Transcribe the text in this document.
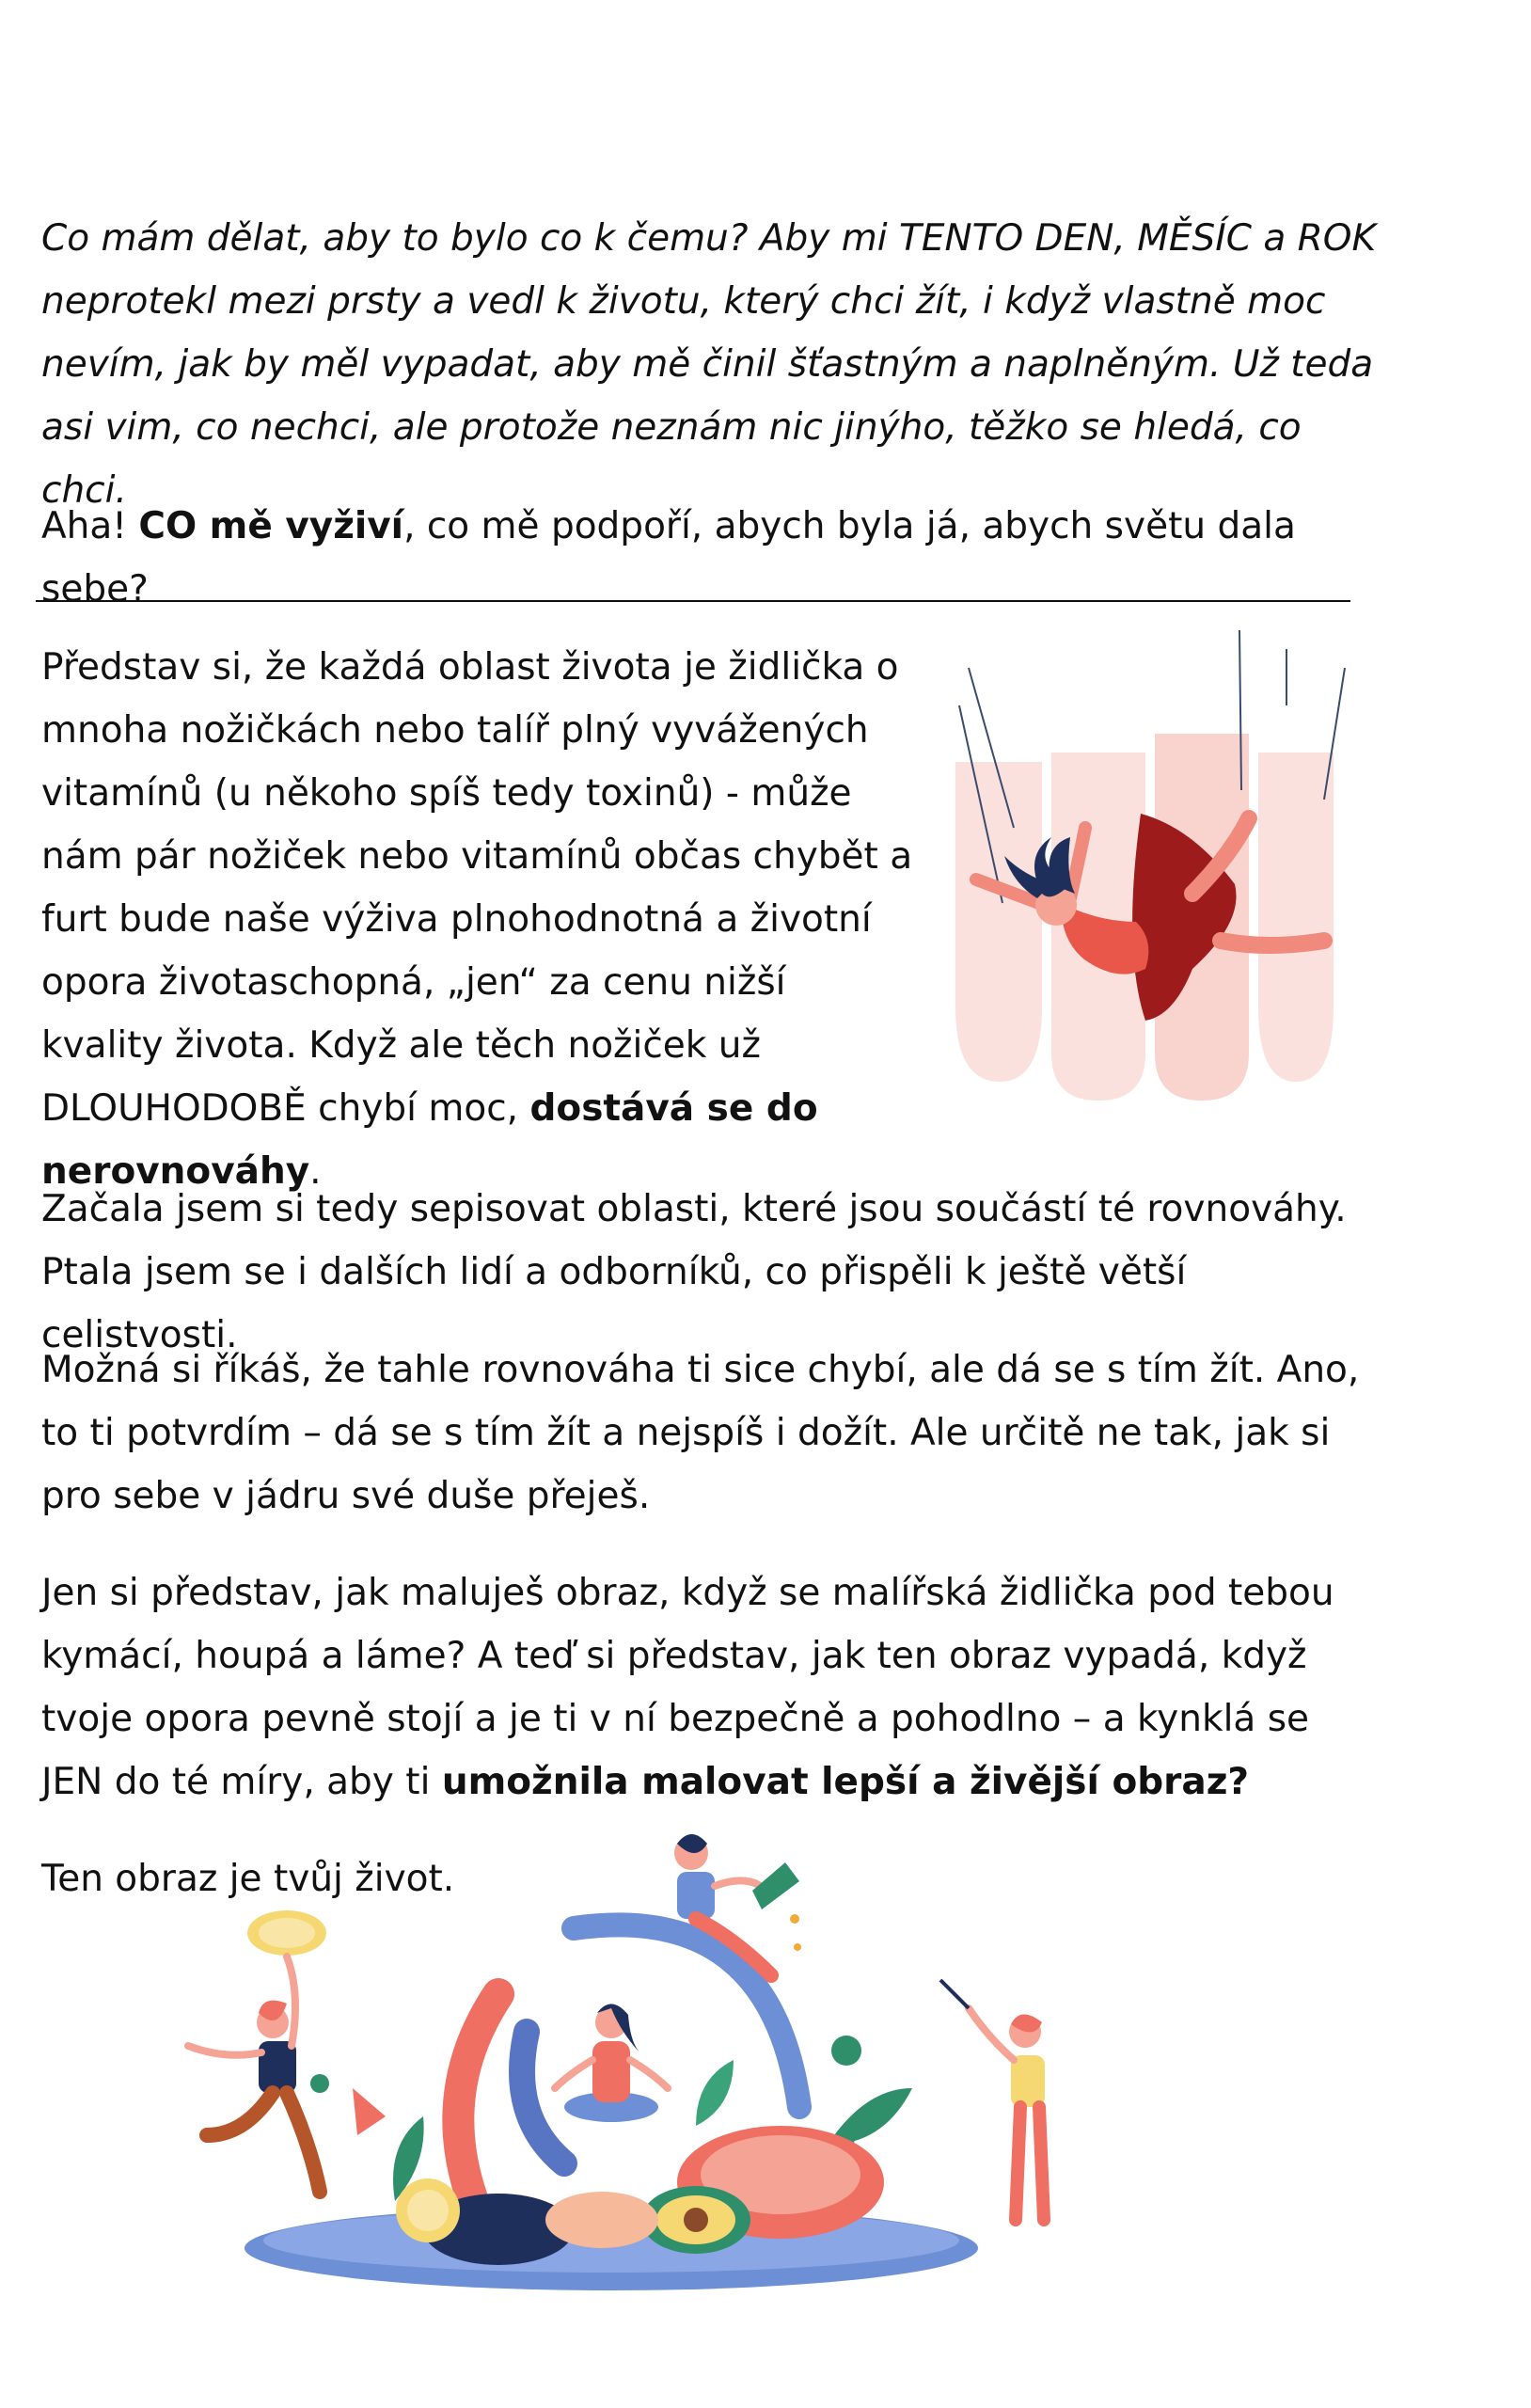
Co mám dělat, aby to bylo co k čemu? Aby mi TENTO DEN, MĚSÍC a ROK neprotekl mezi prsty a vedl k životu, který chci žít, i když vlastně moc nevím, jak by měl vypadat, aby mě činil šťastným a naplněným. Už teda asi vim, co nechci, ale protože neznám nic jinýho, těžko se hledá, co chci.

Aha! CO mě vyživí, co mě podpoří, abych byla já, abych světu dala sebe?

Představ si, že každá oblast života je židlička o mnoha nožičkách nebo talíř plný vyvážených vitamínů (u někoho spíš tedy toxinů) - může nám pár nožiček nebo vitamínů občas chybět a furt bude naše výživa plnohodnotná a životní opora životaschopná, „jen“ za cenu nižší kvality života. Když ale těch nožiček už DLOUHODOBĚ chybí moc, dostává se do nerovnováhy.

Začala jsem si tedy sepisovat oblasti, které jsou součástí té rovnováhy. Ptala jsem se i dalších lidí a odborníků, co přispěli k ještě větší celistvosti.

Možná si říkáš, že tahle rovnováha ti sice chybí, ale dá se s tím žít. Ano, to ti potvrdím – dá se s tím žít a nejspíš i dožít. Ale určitě ne tak, jak si pro sebe v jádru své duše přeješ.

Jen si představ, jak maluješ obraz, když se malířská židlička pod tebou kymácí, houpá a láme? A teď si představ, jak ten obraz vypadá, když tvoje opora pevně stojí a je ti v ní bezpečně a pohodlno – a kynklá se JEN do té míry, aby ti umožnila malovat lepší a živější obraz?

Ten obraz je tvůj život.
